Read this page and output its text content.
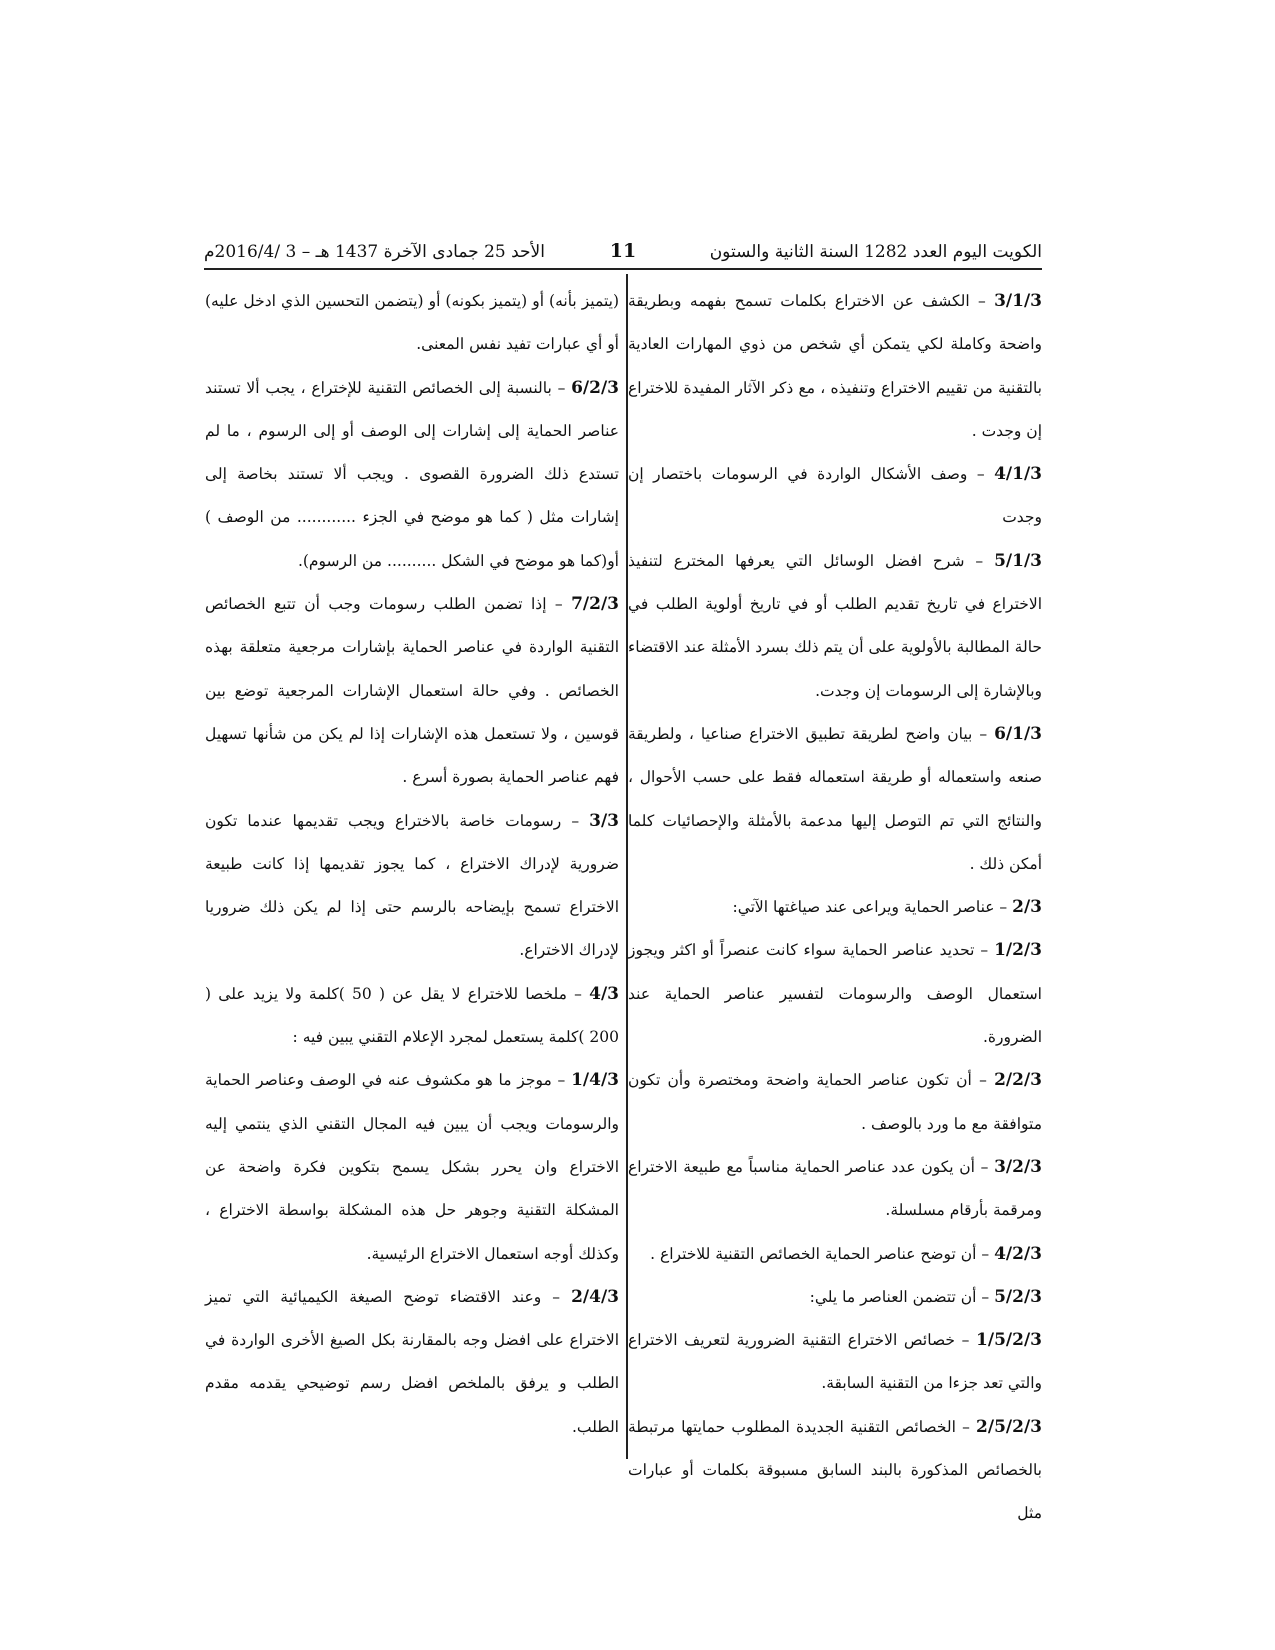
الكويت اليوم العدد 1282 السنة الثانية والستون
11
الأحد 25 جمادى الآخرة 1437 هـ – 3 /2016/4م

3/1/3 – الكشف عن الاختراع بكلمات تسمح بفهمه وبطريقة واضحة وكاملة لكي يتمكن أي شخص من ذوي المهارات العادية بالتقنية من تقييم الاختراع وتنفيذه ، مع ذكر الآثار المفيدة للاختراع إن وجدت .

4/1/3 – وصف الأشكال الواردة في الرسومات باختصار إن وجدت

5/1/3 – شرح افضل الوسائل التي يعرفها المخترع لتنفيذ الاختراع في تاريخ تقديم الطلب أو في تاريخ أولوية الطلب في حالة المطالبة بالأولوية على أن يتم ذلك بسرد الأمثلة عند الاقتضاء وبالإشارة إلى الرسومات إن وجدت.

6/1/3 – بيان واضح لطريقة تطبيق الاختراع صناعيا ، ولطريقة صنعه واستعماله أو طريقة استعماله فقط على حسب الأحوال ، والنتائج التي تم التوصل إليها مدعمة بالأمثلة والإحصائيات كلما أمكن ذلك .

2/3 – عناصر الحماية ويراعى عند صياغتها الآتي:

1/2/3 – تحديد عناصر الحماية سواء كانت عنصراً أو اكثر ويجوز استعمال الوصف والرسومات لتفسير عناصر الحماية عند الضرورة.

2/2/3 – أن تكون عناصر الحماية واضحة ومختصرة وأن تكون متوافقة مع ما ورد بالوصف .

3/2/3 – أن يكون عدد عناصر الحماية مناسباً مع طبيعة الاختراع ومرقمة بأرقام مسلسلة.

4/2/3 – أن توضح عناصر الحماية الخصائص التقنية للاختراع .

5/2/3 – أن تتضمن العناصر ما يلي:

1/5/2/3 – خصائص الاختراع التقنية الضرورية لتعريف الاختراع والتي تعد جزءا من التقنية السابقة.

2/5/2/3 – الخصائص التقنية الجديدة المطلوب حمايتها مرتبطة بالخصائص المذكورة بالبند السابق مسبوقة بكلمات أو عبارات مثل

(يتميز بأنه) أو (يتميز بكونه) أو (يتضمن التحسين الذي ادخل عليه) أو أي عبارات تفيد نفس المعنى.

6/2/3 – بالنسبة إلى الخصائص التقنية للإختراع ، يجب ألا تستند عناصر الحماية إلى إشارات إلى الوصف أو إلى الرسوم ، ما لم تستدع ذلك الضرورة القصوى . ويجب ألا تستند بخاصة إلى إشارات مثل ( كما هو موضح في الجزء ............ من الوصف ) أو(كما هو موضح في الشكل .......... من الرسوم).

7/2/3 – إذا تضمن الطلب رسومات وجب أن تتبع الخصائص التقنية الواردة في عناصر الحماية بإشارات مرجعية متعلقة بهذه الخصائص . وفي حالة استعمال الإشارات المرجعية توضع بين قوسين ، ولا تستعمل هذه الإشارات إذا لم يكن من شأنها تسهيل فهم عناصر الحماية بصورة أسرع .

3/3 – رسومات خاصة بالاختراع ويجب تقديمها عندما تكون ضرورية لإدراك الاختراع ، كما يجوز تقديمها إذا كانت طبيعة الاختراع تسمح بإيضاحه بالرسم حتى إذا لم يكن ذلك ضروريا لإدراك الاختراع.

4/3 – ملخصا للاختراع لا يقل عن ( 50 )كلمة ولا يزيد على ( 200 )كلمة يستعمل لمجرد الإعلام التقني يبين فيه :

1/4/3 – موجز ما هو مكشوف عنه في الوصف وعناصر الحماية والرسومات ويجب أن يبين فيه المجال التقني الذي ينتمي إليه الاختراع وان يحرر بشكل يسمح بتكوين فكرة واضحة عن المشكلة التقنية وجوهر حل هذه المشكلة بواسطة الاختراع ، وكذلك أوجه استعمال الاختراع الرئيسية.

2/4/3 – وعند الاقتضاء توضح الصيغة الكيميائية التي تميز الاختراع على افضل وجه بالمقارنة بكل الصيغ الأخرى الواردة في الطلب و يرفق بالملخص افضل رسم توضيحي يقدمه مقدم الطلب.
